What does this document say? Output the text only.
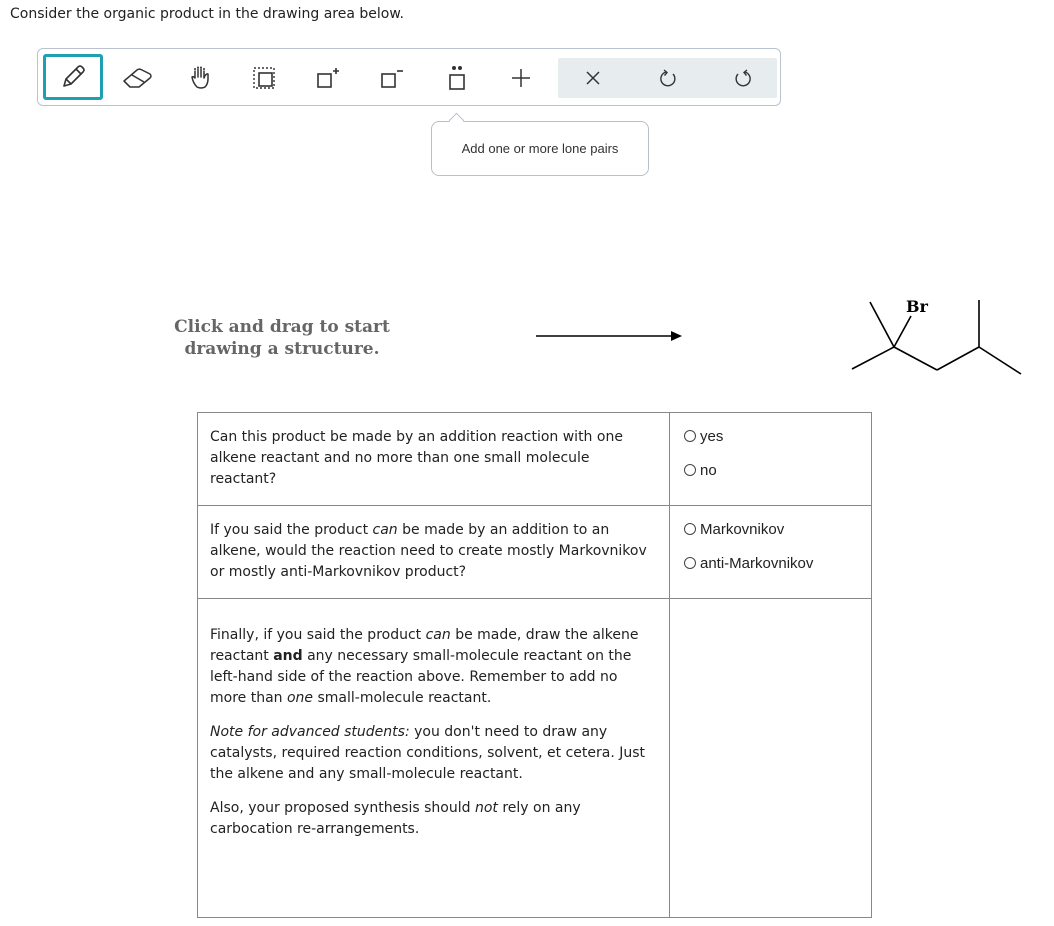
Consider the organic product in the drawing area below.
Add one or more lone pairs
Click and drag to start
drawing a structure.
Br
Can this product be made by an addition reaction with one alkene reactant and no more than one small molecule reactant?	yes
no

If you said the product can be made by an addition to an alkene, would the reaction need to create mostly Markovnikov or mostly anti-Markovnikov product?	Markovnikov
anti-Markovnikov

Finally, if you said the product can be made, draw the alkene reactant and any necessary small-molecule reactant on the left-hand side of the reaction above. Remember to add no more than one small-molecule reactant.

Note for advanced students: you don't need to draw any catalysts, required reaction conditions, solvent, et cetera. Just the alkene and any small-molecule reactant.

Also, your proposed synthesis should not rely on any carbocation re-arrangements.	
